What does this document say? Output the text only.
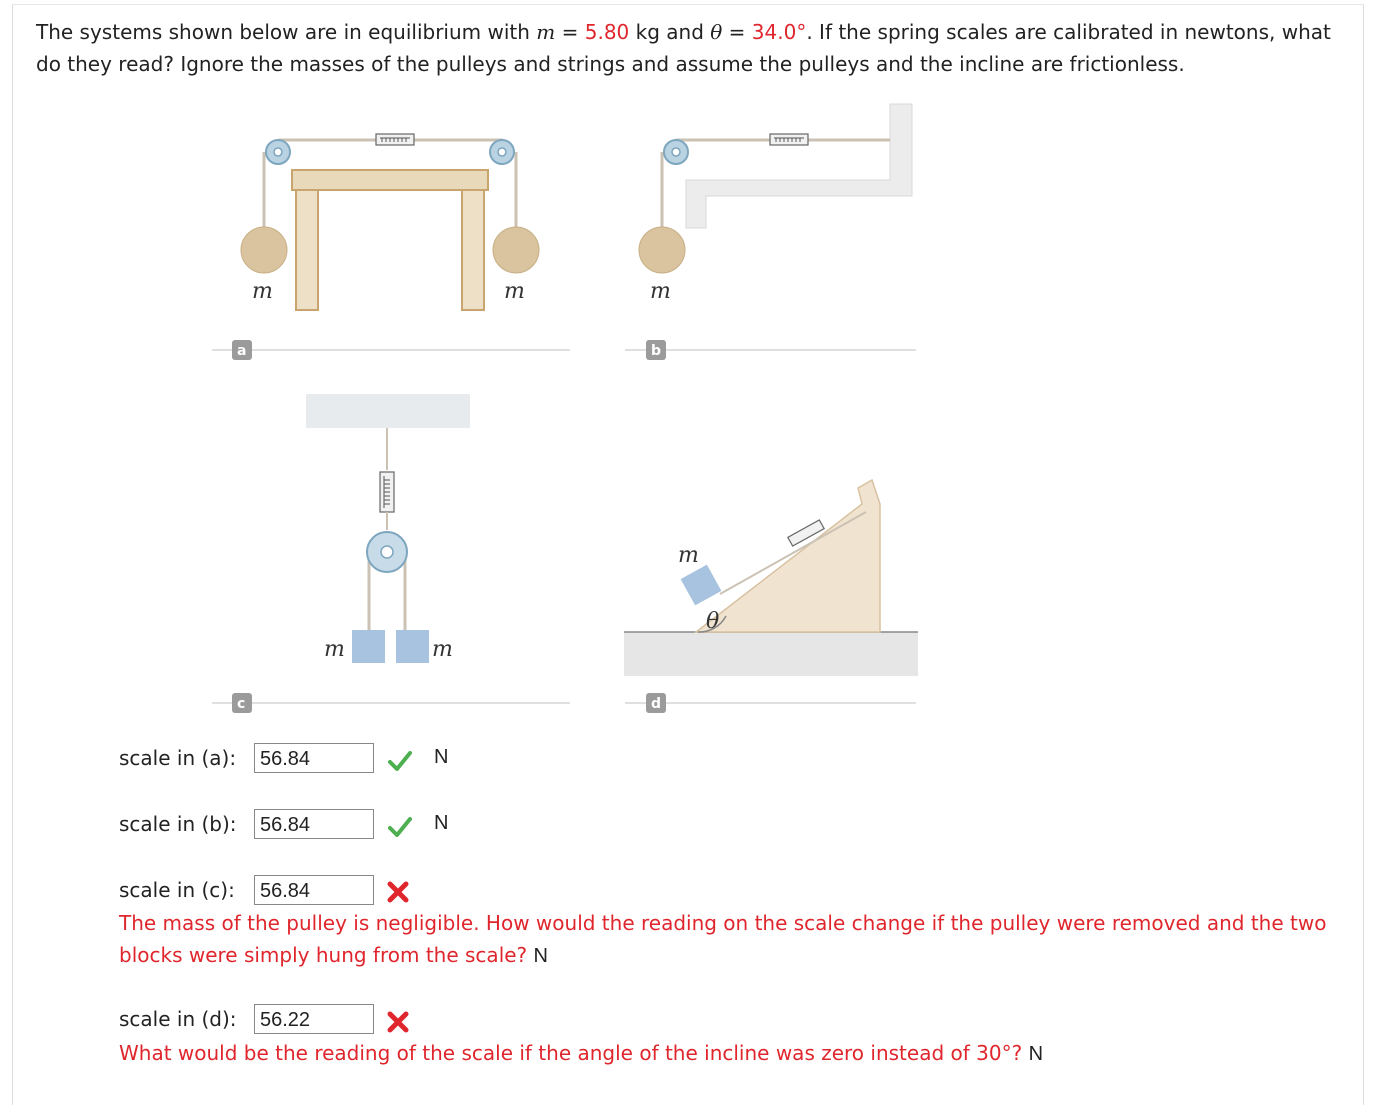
The systems shown below are in equilibrium with m = 5.80 kg and θ = 34.0°. If the spring scales are calibrated in newtons, what do they read? Ignore the masses of the pulleys and strings and assume the pulleys and the incline are frictionless.
m	m
a
m
b
m	m
c
m
θ
d
scale in (a):	56.84	N
scale in (b):	56.84	N
scale in (c):	56.84
The mass of the pulley is negligible. How would the reading on the scale change if the pulley were removed and the two blocks were simply hung from the scale? N
scale in (d):	56.22
What would be the reading of the scale if the angle of the incline was zero instead of 30°? N
